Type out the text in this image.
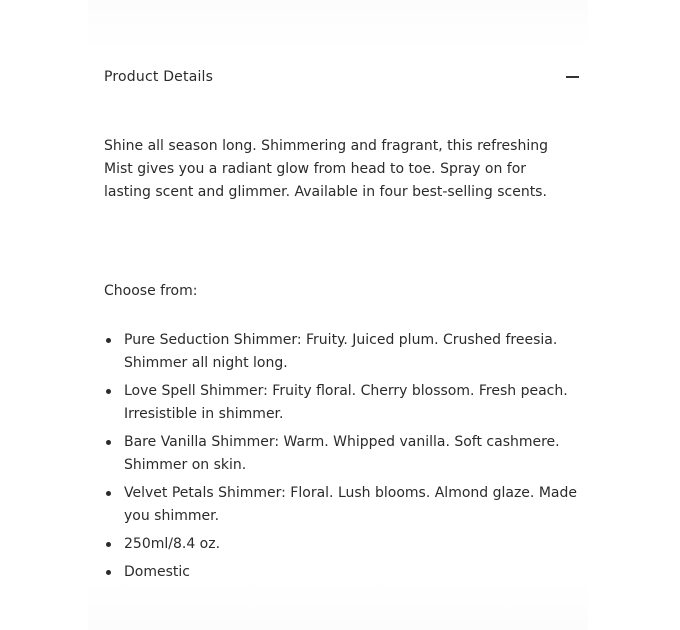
Product Details

Shine all season long. Shimmering and fragrant, this refreshing Mist gives you a radiant glow from head to toe. Spray on for lasting scent and glimmer. Available in four best-selling scents.

Choose from:

Pure Seduction Shimmer: Fruity. Juiced plum. Crushed freesia. Shimmer all night long.
Love Spell Shimmer: Fruity floral. Cherry blossom. Fresh peach. Irresistible in shimmer.
Bare Vanilla Shimmer: Warm. Whipped vanilla. Soft cashmere. Shimmer on skin.
Velvet Petals Shimmer: Floral. Lush blooms. Almond glaze. Made you shimmer.
250ml/8.4 oz.
Domestic
